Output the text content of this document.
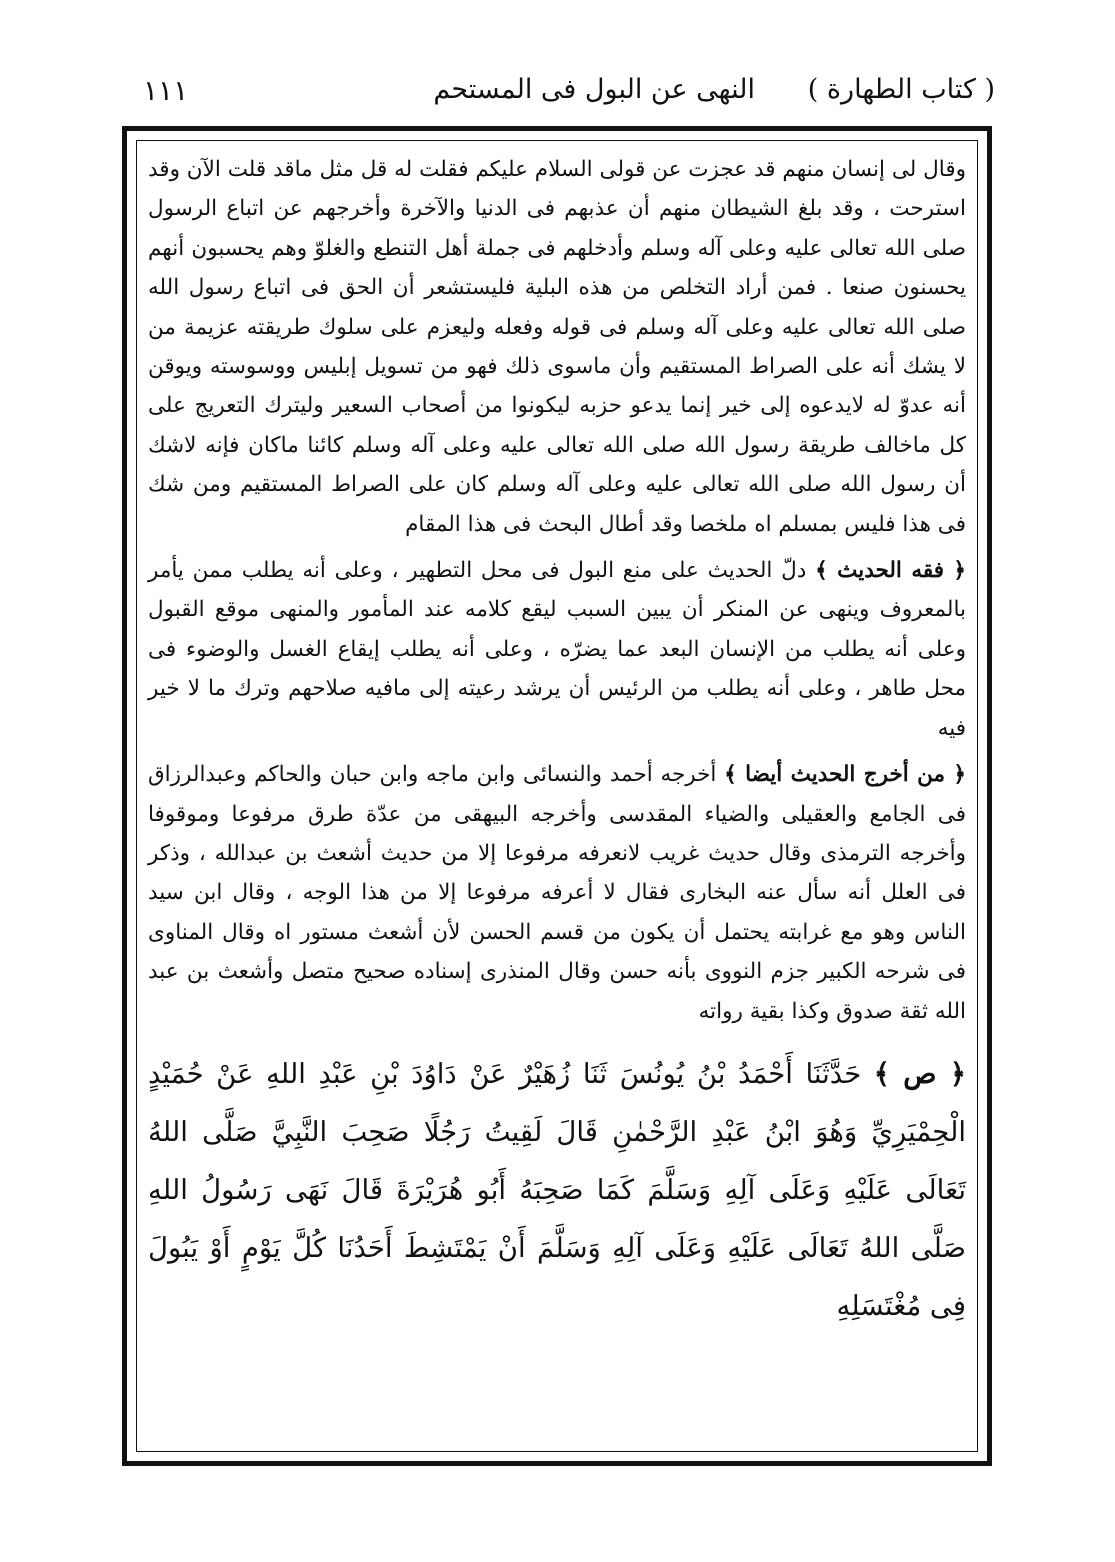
( كتاب الطهارة )
النهى عن البول فى المستحم
١١١

وقال لى إنسان منهم قد عجزت عن قولى السلام عليكم فقلت له قل مثل ماقد قلت الآن وقد استرحت ، وقد بلغ الشيطان منهم أن عذبهم فى الدنيا والآخرة وأخرجهم عن اتباع الرسول صلى الله تعالى عليه وعلى آله وسلم وأدخلهم فى جملة أهل التنطع والغلوّ وهم يحسبون أنهم يحسنون صنعا . فمن أراد التخلص من هذه البلية فليستشعر أن الحق فى اتباع رسول الله صلى الله تعالى عليه وعلى آله وسلم فى قوله وفعله وليعزم على سلوك طريقته عزيمة من لا يشك أنه على الصراط المستقيم وأن ماسوى ذلك فهو من تسويل إبليس ووسوسته ويوقن أنه عدوّ له لايدعوه إلى خير إنما يدعو حزبه ليكونوا من أصحاب السعير وليترك التعريج على كل ماخالف طريقة رسول الله صلى الله تعالى عليه وعلى آله وسلم كائنا ماكان فإنه لاشك أن رسول الله صلى الله تعالى عليه وعلى آله وسلم كان على الصراط المستقيم ومن شك فى هذا فليس بمسلم اه ملخصا وقد أطال البحث فى هذا المقام

﴿ فقه الحديث ﴾ دلّ الحديث على منع البول فى محل التطهير ، وعلى أنه يطلب ممن يأمر بالمعروف وينهى عن المنكر أن يبين السبب ليقع كلامه عند المأمور والمنهى موقع القبول وعلى أنه يطلب من الإنسان البعد عما يضرّه ، وعلى أنه يطلب إيقاع الغسل والوضوء فى محل طاهر ، وعلى أنه يطلب من الرئيس أن يرشد رعيته إلى مافيه صلاحهم وترك ما لا خير فيه

﴿ من أخرج الحديث أيضا ﴾ أخرجه أحمد والنسائى وابن ماجه وابن حبان والحاكم وعبدالرزاق فى الجامع والعقيلى والضياء المقدسى وأخرجه البيهقى من عدّة طرق مرفوعا وموقوفا وأخرجه الترمذى وقال حديث غريب لانعرفه مرفوعا إلا من حديث أشعث بن عبدالله ، وذكر فى العلل أنه سأل عنه البخارى فقال لا أعرفه مرفوعا إلا من هذا الوجه ، وقال ابن سيد الناس وهو مع غرابته يحتمل أن يكون من قسم الحسن لأن أشعث مستور اه وقال المناوى فى شرحه الكبير جزم النووى بأنه حسن وقال المنذرى إسناده صحيح متصل وأشعث بن عبد الله ثقة صدوق وكذا بقية رواته

﴿ ص ﴾ حَدَّثَنَا أَحْمَدُ بْنُ يُونُسَ ثَنَا زُهَيْرٌ عَنْ دَاوُدَ بْنِ عَبْدِ اللهِ عَنْ حُمَيْدٍ الْحِمْيَرِيِّ وَهُوَ ابْنُ عَبْدِ الرَّحْمٰنِ قَالَ لَقِيتُ رَجُلًا صَحِبَ النَّبِيَّ صَلَّى اللهُ تَعَالَى عَلَيْهِ وَعَلَى آلِهِ وَسَلَّمَ كَمَا صَحِبَهُ أَبُو هُرَيْرَةَ قَالَ نَهَى رَسُولُ اللهِ صَلَّى اللهُ تَعَالَى عَلَيْهِ وَعَلَى آلِهِ وَسَلَّمَ أَنْ يَمْتَشِطَ أَحَدُنَا كُلَّ يَوْمٍ أَوْ يَبُولَ فِى مُغْتَسَلِهِ
